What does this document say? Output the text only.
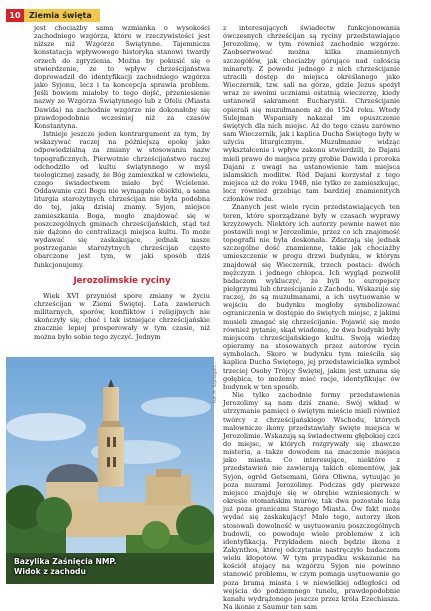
10	Ziemia święta

jest chociażby sama wzmianka o wysokości zachodniego wzgórza, które w rzeczywistości jest niższe niż Wzgórze Świątynne. Tajemnicza konstatacja wpływowego historyka stanowi twardy orzech do zgryzienia. Można by pokusić się o stwierdzenie, że to wpływ chrześcijaństwa doprowadził do identyfikacji zachodniego wzgórza jako Syjonu, lecz i ta koncepcja sprawia problem. Jeśli bowiem miałoby to tego dojść, przeniesienie nazwy ze Wzgórza Świątynnego lub z Ofelu (Miasta Dawida) na zachodnie wzgórze nie dokonałoby się prawdopodobnie wcześniej niż za czasów Konstantyna.

Istnieje jeszcze jeden kontrargument za tym, by wskazywać raczej na późniejszą epokę jako odpowiedzialną za zmiany w stosowaniu nazw topograficznych. Pierwotnie chrześcijaństwo raczej odchodziło od kultu świątynnego w myśl teologicznej zasady, że Bóg zamieszkał w człowieku, czego świadectwem miało być Wcielenie. Oddawanie czci Bogu nie wymagało obiektu, a sama liturgia starożytnych chrześcijan nie była podobna do tej, jaką dzisiaj znamy. Syjon, miejsce zamieszkania Boga, mogło znajdować się w poszczególnych gminach chrześcijańskich, stąd też nie dążono do centralizacji miejsca kultu. To może wydawać się zaskakujące, jednak nasze postrzeganie starożytnych chrześcijan często obarczone jest tym, w jaki sposób dziś funkcjonujemy.

Jerozolimskie ryciny

Wiek XVI przyniósł spore zmiany w życiu chrześcijan w Ziemi Świętej. Lata zawieruch militarnych, sporów, konfliktów i religijnych nie skończyły się, choć i tak istniejące chrześcijańskie znacznie lepiej prosperowały w tym czasie, niż można było sobie tego życzyć. Jednym

z interesujących świadectw funkcjonowania ówczesnych chrześcijan są ryciny przedstawiające Jerozolimę, w tym również zachodnie wzgórze. Zaobserwować można kilka znamiennych szczegółów, jak chociażby górujące nad całością minarety. Z powodu jednego z nich chrześcijanie utracili dostęp do miejsca określanego jako Wieczernik, tzw. sali na górze, gdzie Jezus spożył wraz ze swoimi uczniami ostatnią wieczerzę, kiedy ustanowił sakrament Eucharystii. Chrześcijanie opierali się muzułmanom aż do 1524 roku. Wtedy Sulejman Wspaniały nakazał im opuszczenie świętych dla nich miejsc. Aż do tego czasu zarówno sam Wieczernik, jak i kaplica Ducha Świętego były w użyciu liturgicznym. Muzułmanie widząc wykształcenie i wpływ zakonu stwierdzili, że Dajani mieli prawo do miejsca przy grobie Dawida i proroka Dajani z uwagi na ustanowienie tam miejsca islamskich modlitw. Ród Dajani korzystał z tego miejsca aż do roku 1948, nie tylko ze zamieszkując, lecz również grzebiąc tam bardziej znamienitych członków rodu.

Znanych jest wiele rycin przedstawiających ten teren, które sporządzane były w czasach wyprawy krzyżowych. Niektóry ich autorzy pewnie nawet nie postawili nogi w Jerozolimie, przez co ich znajomość topografii nie była doskonała. Zdarzają się jednak szczególne dość znamienne, takie jak chociażby umieszczenie w progu drzwi budynku, w którym znajdował się Wieczernik, trzech postaci: dwóch mężczyzn i jednego chłopca. Ich wygląd pozwolił badaczom wykluczyć, że byli to europejscy pielgrzymi lub chrześcijanie z Zachodu. Wskazuje się raczej, że są muzułmanami, a ich usytuowanie w wejściu do budynku mogłoby symbolizować ograniczenia w dostępie do świętych miejsc, z jakimi musieli zmagać się chrześcijanie. Pojawić się może również pytanie, skąd wiadomo, że dwa budynki były miejscem chrześcijańskiego kultu. Swoją wiedzę opieramy na stosowanych przez autorów rycin symbolach. Skoro w budynku tym mieściła się kaplica Ducha Świętego, jej przedstawicielka symbol trzeciej Osoby Trójcy Świętej, jakim jest uznana się gołębica, to możemy mieć racje, identyfikując ów budynek w ten sposób.

Nie tylko zachodnie formy przedstawienia Jerozolimy są nam dziś znane. Swój wkład w utrzymanie pamięci o świętym mieście mieli również twórcy z chrześcijańskiego Wschodu, których malownicze ikony przedstawiały święte miejsca w Jerozolimie. Wskazują są świadectwem głębokiej czci do miejsc, w których rozgrywały się zbawcze misteria, a także dowodem na znaczenie miejsca jako miasta. Co interesujące, niektóre z przedstawień nie zawierają takich elementów, jak Syjon, ogród Getsemani, Góra Oliwna, sytuując je poza murami Jerozolimy. Podczas gdy pierwsze miejsce znajduje się w obrębie wzniesionych w okresie otomańskim murów, tak dwa pozostałe leżą już poza granicami Starego Miasta. Ów fakt może wydać się zaskakujący! Mało tego, autorzy ikon stosowali dowolność w usytuowaniu poszczególnych budowli, co powoduje wiele problemów z ich identyfikacją. Przykładem niech będzie ikona z Zakynthos, której odczytanie nastręczyło badaczom wielu kłopotów. W tym przypadku wskazanie na kościół stojący na wzgórzu Syjon nie powinno stanowić problemu, w czym pomaga usytuowanie go poza bramą miasta i w niewielkiej odległości od wejścia do podziemnego tunelu, prawdopodobnie kanału wydrążonego jeszcze przez króla Ezechiasza. Na ikonie z Saumur ten sam

Bazylika Zaśnięcia NMP.
Widok z zachodu
Fot. A. Szpilagoli...
